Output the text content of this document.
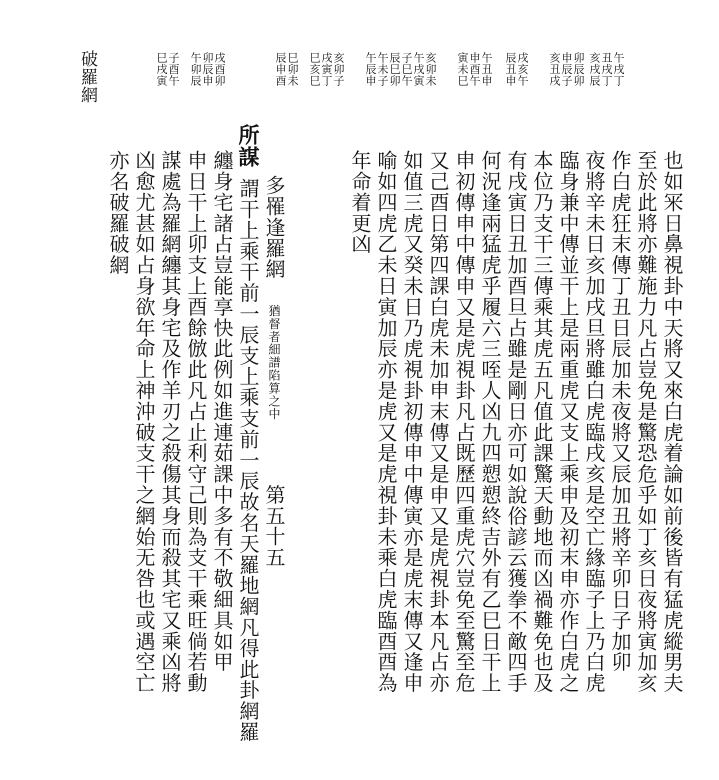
午戌丁
丑戌丁
亥戌辰
卯辰卯
申辰子
亥丑戌
戌亥午
辰丑申
午丑申
申酉午
寅未巳
亥卯未
午戌寅
子巳午
辰巳卯
午未子
午辰申
亥卯子
戌寅丁
巳亥巳
巳卯未
辰申酉
戌酉卯
卯辰申
午卯辰
子酉午
巳戌寅
破羅網
也如冞日鼻視卦中天將又來白虎着論如前後皆有猛虎縱男夫
至於此將亦難施力凡占豈免是驚恐危乎如丁亥日夜將寅加亥
作白虎狂末傳丁丑日辰加未夜將又辰加丑將辛卯日子加卯
夜將辛未日亥加戌旦將雖白虎臨戌亥是空亡緣臨子上乃白虎
臨身兼中傳並干上是兩重虎又支上乘申及初末申亦作白虎之
本位乃支干三傳乘其虎五凡值此課驚天動地而凶禍難免也及
有戌寅日丑加酉旦占雖是剛日亦可如說俗諺云獲拳不敵四手
何況逢兩猛虎乎履六三咥人凶九四愬愬終吉外有乙巳日干上
申初傳申中傳申又是虎視卦凡占既歷四重虎穴豈免至驚至危
又己酉日第四課白虎未加申末傳又是申又是虎視卦本凡占亦
如值三虎又癸未日乃虎視卦初傳申中傳寅亦是虎末傳又逢申
喻如四虎乙未日寅加辰亦是虎又是虎視卦未乘白虎臨酉酉為
年命着更凶
所謀
多罹逢羅網 猶督者細譜陷算之中  第五十五
謂干上乘干前一辰支上乘支前一辰故名天羅地網凡得此卦網羅
纏身宅諸占豈能享快此例如進連茹課中多有不敬細具如甲
申日干上卯支上酉餘倣此凡占止利守己則為支干乘旺倘若動
謀處為羅網纏其身宅及作羊刃之殺傷其身而殺其宅又乘凶將
凶愈尤甚如占身欲年命上神沖破支干之網始无咎也或遇空亡
亦名破羅破網
